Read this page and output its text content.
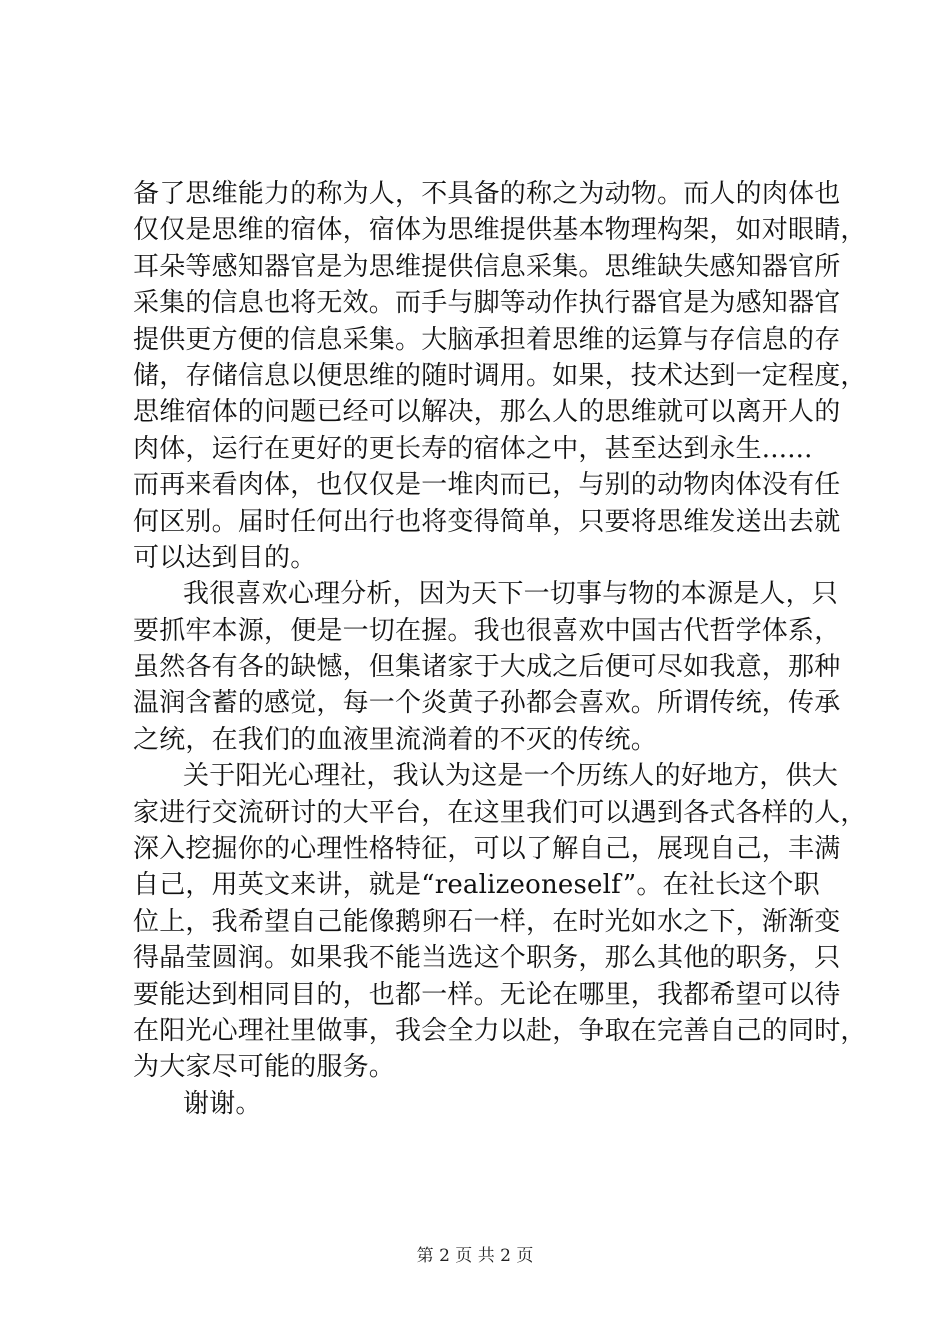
备了思维能力的称为人，不具备的称之为动物。而人的肉体也
仅仅是思维的宿体，宿体为思维提供基本物理构架，如对眼睛，
耳朵等感知器官是为思维提供信息采集。思维缺失感知器官所
采集的信息也将无效。而手与脚等动作执行器官是为感知器官
提供更方便的信息采集。大脑承担着思维的运算与存信息的存
储，存储信息以便思维的随时调用。如果，技术达到一定程度，
思维宿体的问题已经可以解决，那么人的思维就可以离开人的
肉体，运行在更好的更长寿的宿体之中，甚至达到永生......
而再来看肉体，也仅仅是一堆肉而已，与别的动物肉体没有任
何区别。届时任何出行也将变得简单，只要将思维发送出去就
可以达到目的。
我很喜欢心理分析，因为天下一切事与物的本源是人，只
要抓牢本源，便是一切在握。我也很喜欢中国古代哲学体系，
虽然各有各的缺憾，但集诸家于大成之后便可尽如我意，那种
温润含蓄的感觉，每一个炎黄子孙都会喜欢。所谓传统，传承
之统，在我们的血液里流淌着的不灭的传统。
关于阳光心理社，我认为这是一个历练人的好地方，供大
家进行交流研讨的大平台，在这里我们可以遇到各式各样的人，
深入挖掘你的心理性格特征，可以了解自己，展现自己，丰满
自己，用英文来讲，就是“realizeoneself”。在社长这个职
位上，我希望自己能像鹅卵石一样，在时光如水之下，渐渐变
得晶莹圆润。如果我不能当选这个职务，那么其他的职务，只
要能达到相同目的，也都一样。无论在哪里，我都希望可以待
在阳光心理社里做事，我会全力以赴，争取在完善自己的同时，
为大家尽可能的服务。
谢谢。
第 2 页 共 2 页
